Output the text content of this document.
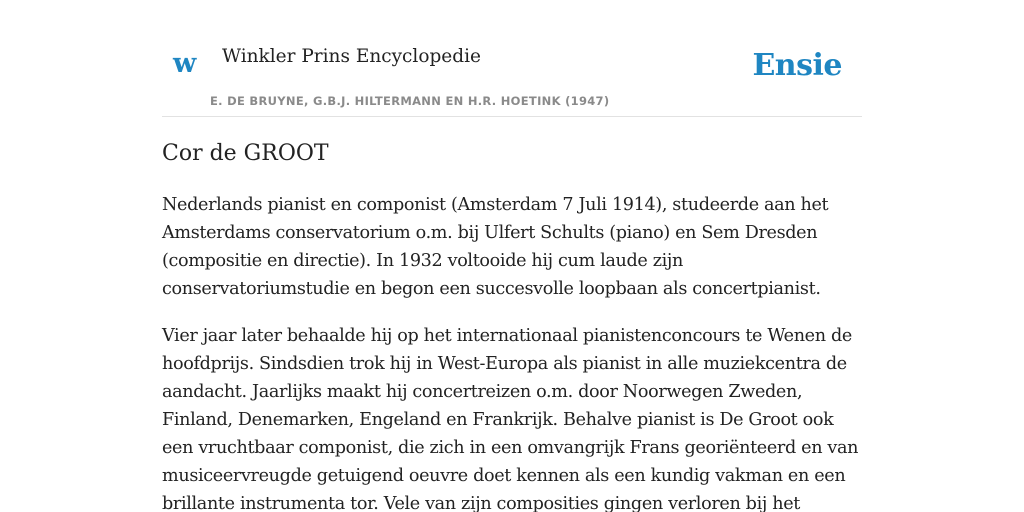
w Winkler Prins Encyclopedie
E. DE BRUYNE, G.B.J. HILTERMANN EN H.R. HOETINK (1947)
Ensie
Cor de GROOT

Nederlands pianist en componist (Amsterdam 7 Juli 1914), studeerde aan het Amsterdams conservatorium o.m. bij Ulfert Schults (piano) en Sem Dresden (compositie en directie). In 1932 voltooide hij cum laude zijn conservatoriumstudie en begon een succesvolle loopbaan als concertpianist.

Vier jaar later behaalde hij op het internationaal pianistenconcours te Wenen de hoofdprijs. Sindsdien trok hij in West-Europa als pianist in alle muziekcentra de aandacht. Jaarlijks maakt hij concertreizen o.m. door Noorwegen Zweden, Finland, Denemarken, Engeland en Frankrijk. Behalve pianist is De Groot ook een vruchtbaar componist, die zich in een omvangrijk Frans georiënteerd en van musiceervreugde getuigend oeuvre doet kennen als een kundig vakman en een brillante instrumenta tor. Vele van zijn composities gingen verloren bij het
